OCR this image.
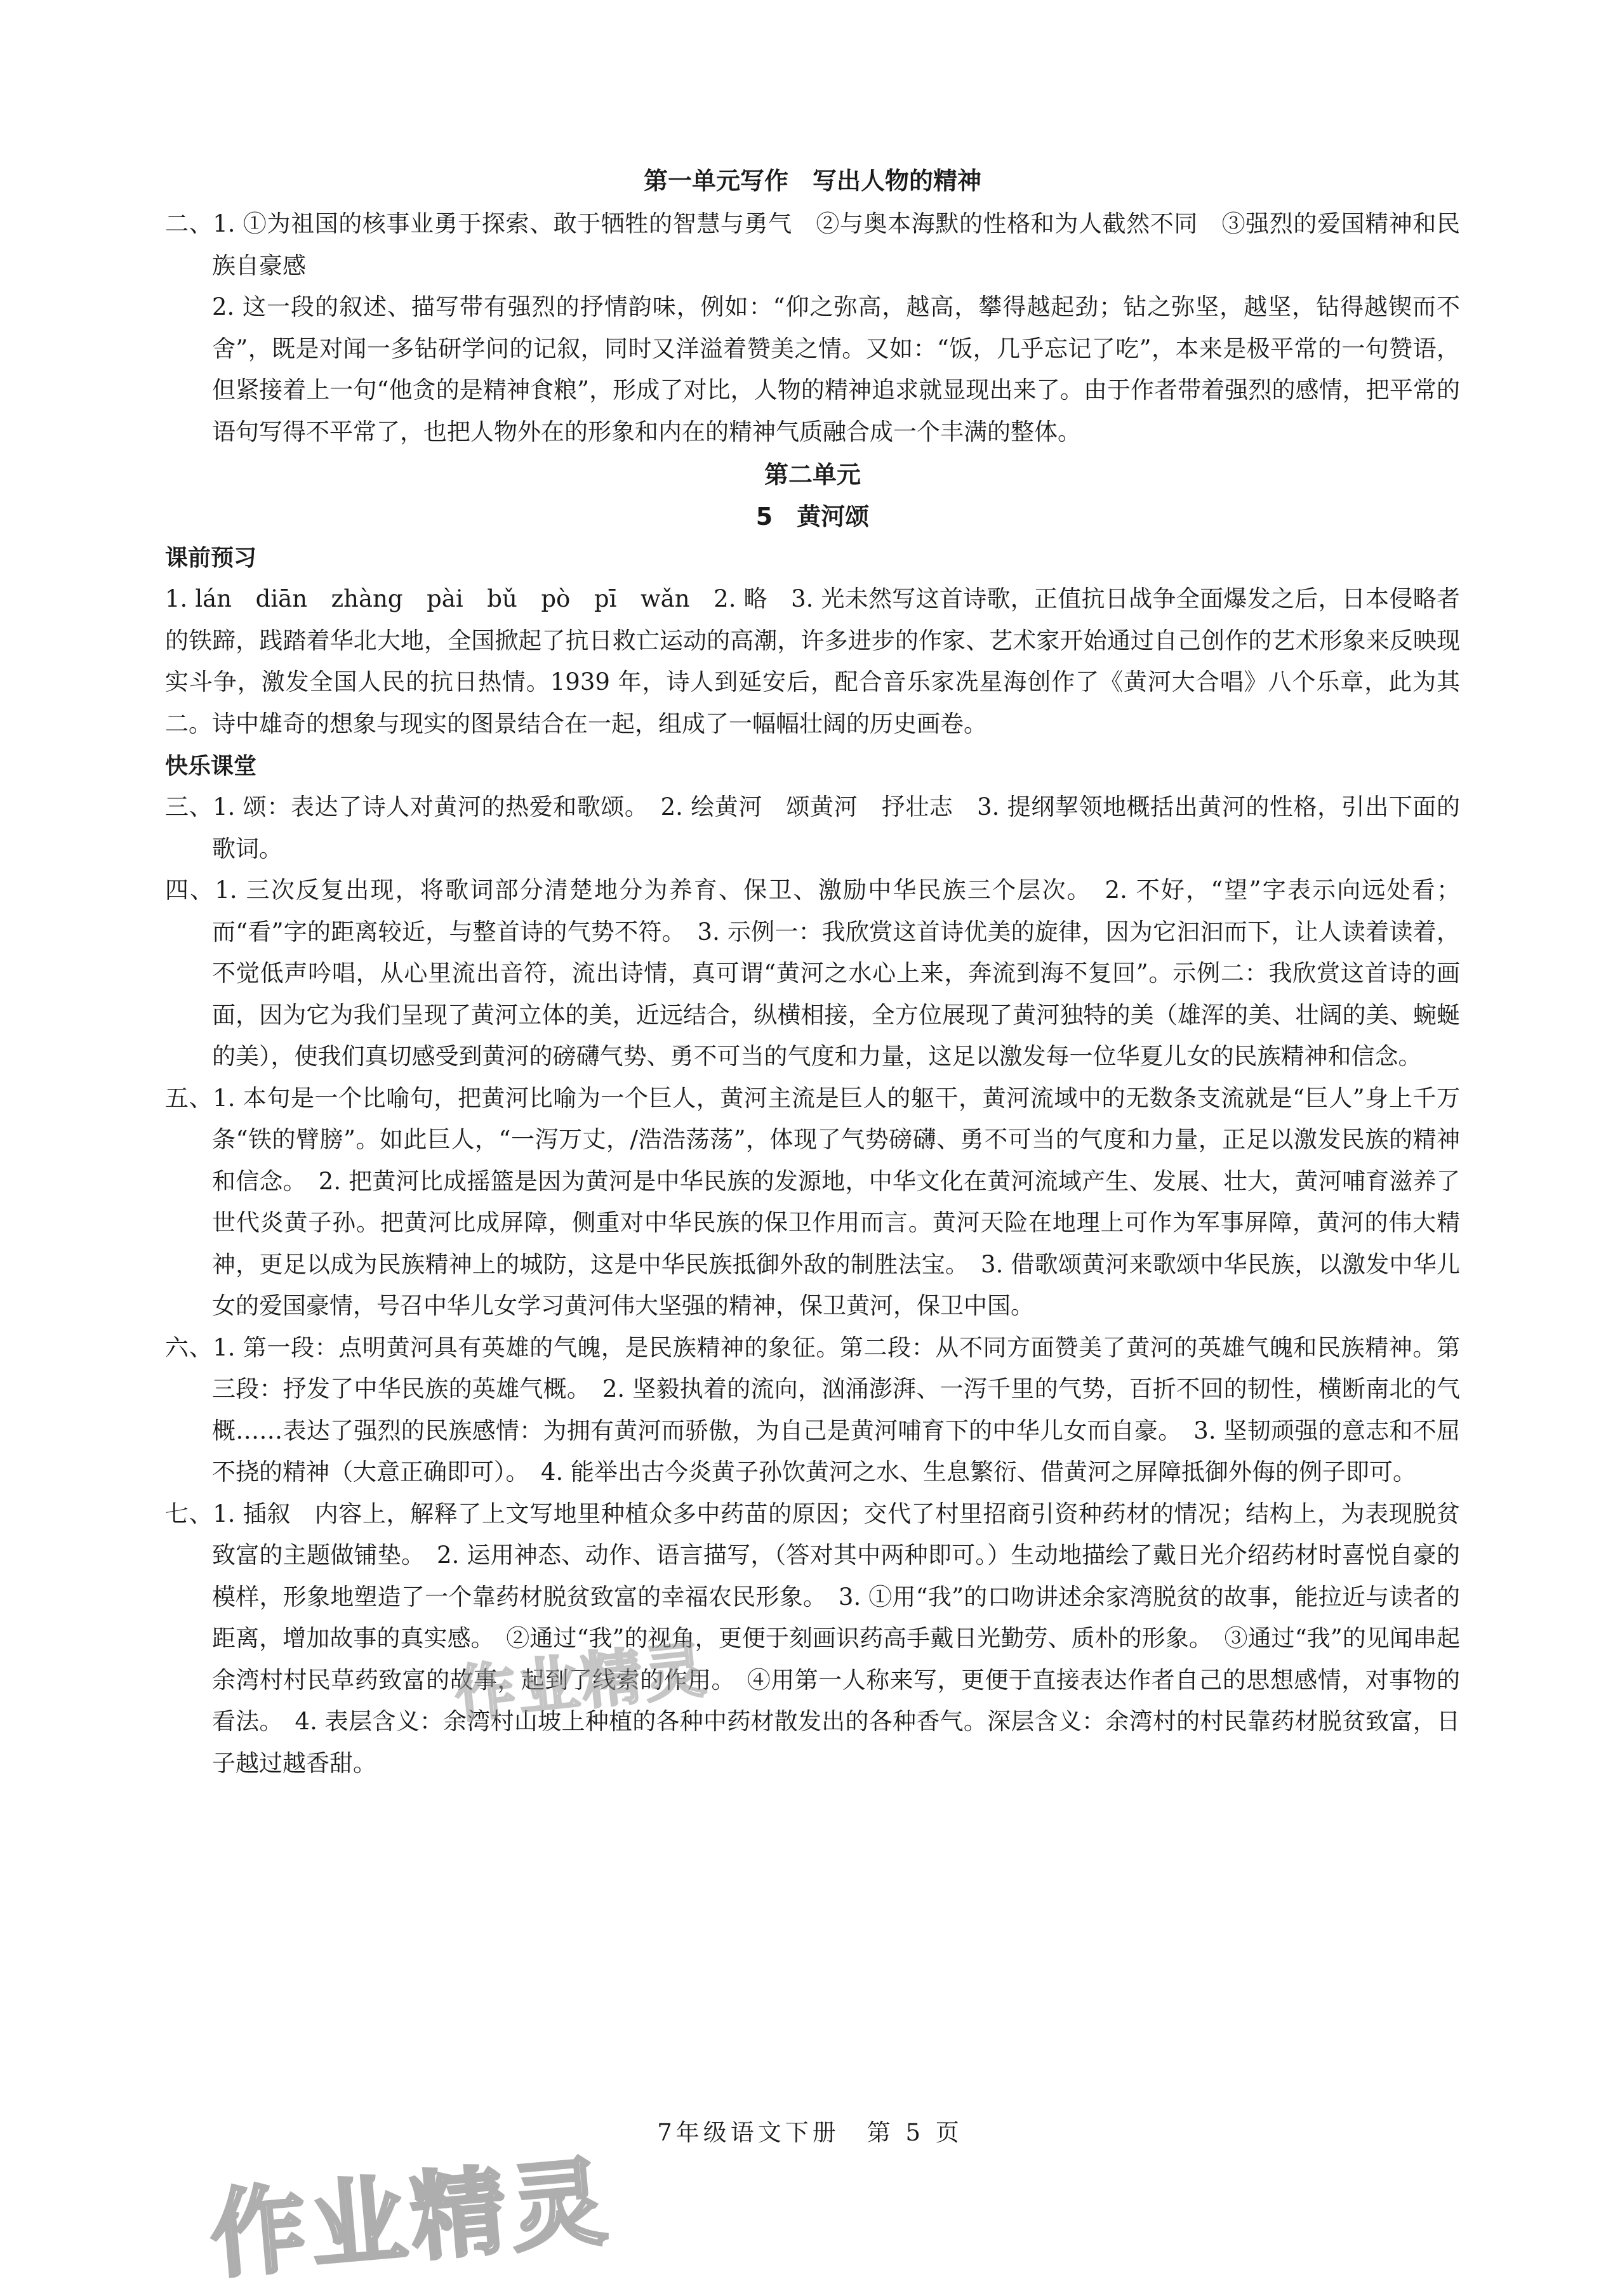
第一单元写作　写出人物的精神

二、1. ①为祖国的核事业勇于探索、敢于牺牲的智慧与勇气　②与奥本海默的性格和为人截然不同　③强烈的爱国精神和民族自豪感

2. 这一段的叙述、描写带有强烈的抒情韵味，例如：“仰之弥高，越高，攀得越起劲；钻之弥坚，越坚，钻得越锲而不舍”，既是对闻一多钻研学问的记叙，同时又洋溢着赞美之情。又如：“饭，几乎忘记了吃”，本来是极平常的一句赞语，但紧接着上一句“他贪的是精神食粮”，形成了对比，人物的精神追求就显现出来了。由于作者带着强烈的感情，把平常的语句写得不平常了，也把人物外在的形象和内在的精神气质融合成一个丰满的整体。

第二单元
5　黄河颂
课前预习

1. lán　diān　zhàng　pài　bǔ　pò　pī　wǎn　2. 略　3. 光未然写这首诗歌，正值抗日战争全面爆发之后，日本侵略者的铁蹄，践踏着华北大地，全国掀起了抗日救亡运动的高潮，许多进步的作家、艺术家开始通过自己创作的艺术形象来反映现实斗争，激发全国人民的抗日热情。1939 年，诗人到延安后，配合音乐家冼星海创作了《黄河大合唱》八个乐章，此为其二。诗中雄奇的想象与现实的图景结合在一起，组成了一幅幅壮阔的历史画卷。

快乐课堂

三、1. 颂：表达了诗人对黄河的热爱和歌颂。　2. 绘黄河　颂黄河　抒壮志　3. 提纲挈领地概括出黄河的性格，引出下面的歌词。

四、1. 三次反复出现，将歌词部分清楚地分为养育、保卫、激励中华民族三个层次。　2. 不好，“望”字表示向远处看；而“看”字的距离较近，与整首诗的气势不符。　3. 示例一：我欣赏这首诗优美的旋律，因为它汩汩而下，让人读着读着，不觉低声吟唱，从心里流出音符，流出诗情，真可谓“黄河之水心上来，奔流到海不复回”。示例二：我欣赏这首诗的画面，因为它为我们呈现了黄河立体的美，近远结合，纵横相接，全方位展现了黄河独特的美（雄浑的美、壮阔的美、蜿蜒的美），使我们真切感受到黄河的磅礴气势、勇不可当的气度和力量，这足以激发每一位华夏儿女的民族精神和信念。

五、1. 本句是一个比喻句，把黄河比喻为一个巨人，黄河主流是巨人的躯干，黄河流域中的无数条支流就是“巨人”身上千万条“铁的臂膀”。如此巨人，“一泻万丈，/浩浩荡荡”，体现了气势磅礴、勇不可当的气度和力量，正足以激发民族的精神和信念。　2. 把黄河比成摇篮是因为黄河是中华民族的发源地，中华文化在黄河流域产生、发展、壮大，黄河哺育滋养了世代炎黄子孙。把黄河比成屏障，侧重对中华民族的保卫作用而言。黄河天险在地理上可作为军事屏障，黄河的伟大精神，更足以成为民族精神上的城防，这是中华民族抵御外敌的制胜法宝。　3. 借歌颂黄河来歌颂中华民族，以激发中华儿女的爱国豪情，号召中华儿女学习黄河伟大坚强的精神，保卫黄河，保卫中国。

六、1. 第一段：点明黄河具有英雄的气魄，是民族精神的象征。第二段：从不同方面赞美了黄河的英雄气魄和民族精神。第三段：抒发了中华民族的英雄气概。　2. 坚毅执着的流向，汹涌澎湃、一泻千里的气势，百折不回的韧性，横断南北的气概……表达了强烈的民族感情：为拥有黄河而骄傲，为自己是黄河哺育下的中华儿女而自豪。　3. 坚韧顽强的意志和不屈不挠的精神（大意正确即可）。　4. 能举出古今炎黄子孙饮黄河之水、生息繁衍、借黄河之屏障抵御外侮的例子即可。

七、1. 插叙　内容上，解释了上文写地里种植众多中药苗的原因；交代了村里招商引资种药材的情况；结构上，为表现脱贫致富的主题做铺垫。　2. 运用神态、动作、语言描写，（答对其中两种即可。）生动地描绘了戴日光介绍药材时喜悦自豪的模样，形象地塑造了一个靠药材脱贫致富的幸福农民形象。　3. ①用“我”的口吻讲述余家湾脱贫的故事，能拉近与读者的距离，增加故事的真实感。　②通过“我”的视角，更便于刻画识药高手戴日光勤劳、质朴的形象。　③通过“我”的见闻串起余湾村村民草药致富的故事，起到了线索的作用。　④用第一人称来写，更便于直接表达作者自己的思想感情，对事物的看法。　4. 表层含义：余湾村山坡上种植的各种中药材散发出的各种香气。深层含义：余湾村的村民靠药材脱贫致富，日子越过越香甜。

作业精灵
7年级语文下册　第 5 页
作业精灵
